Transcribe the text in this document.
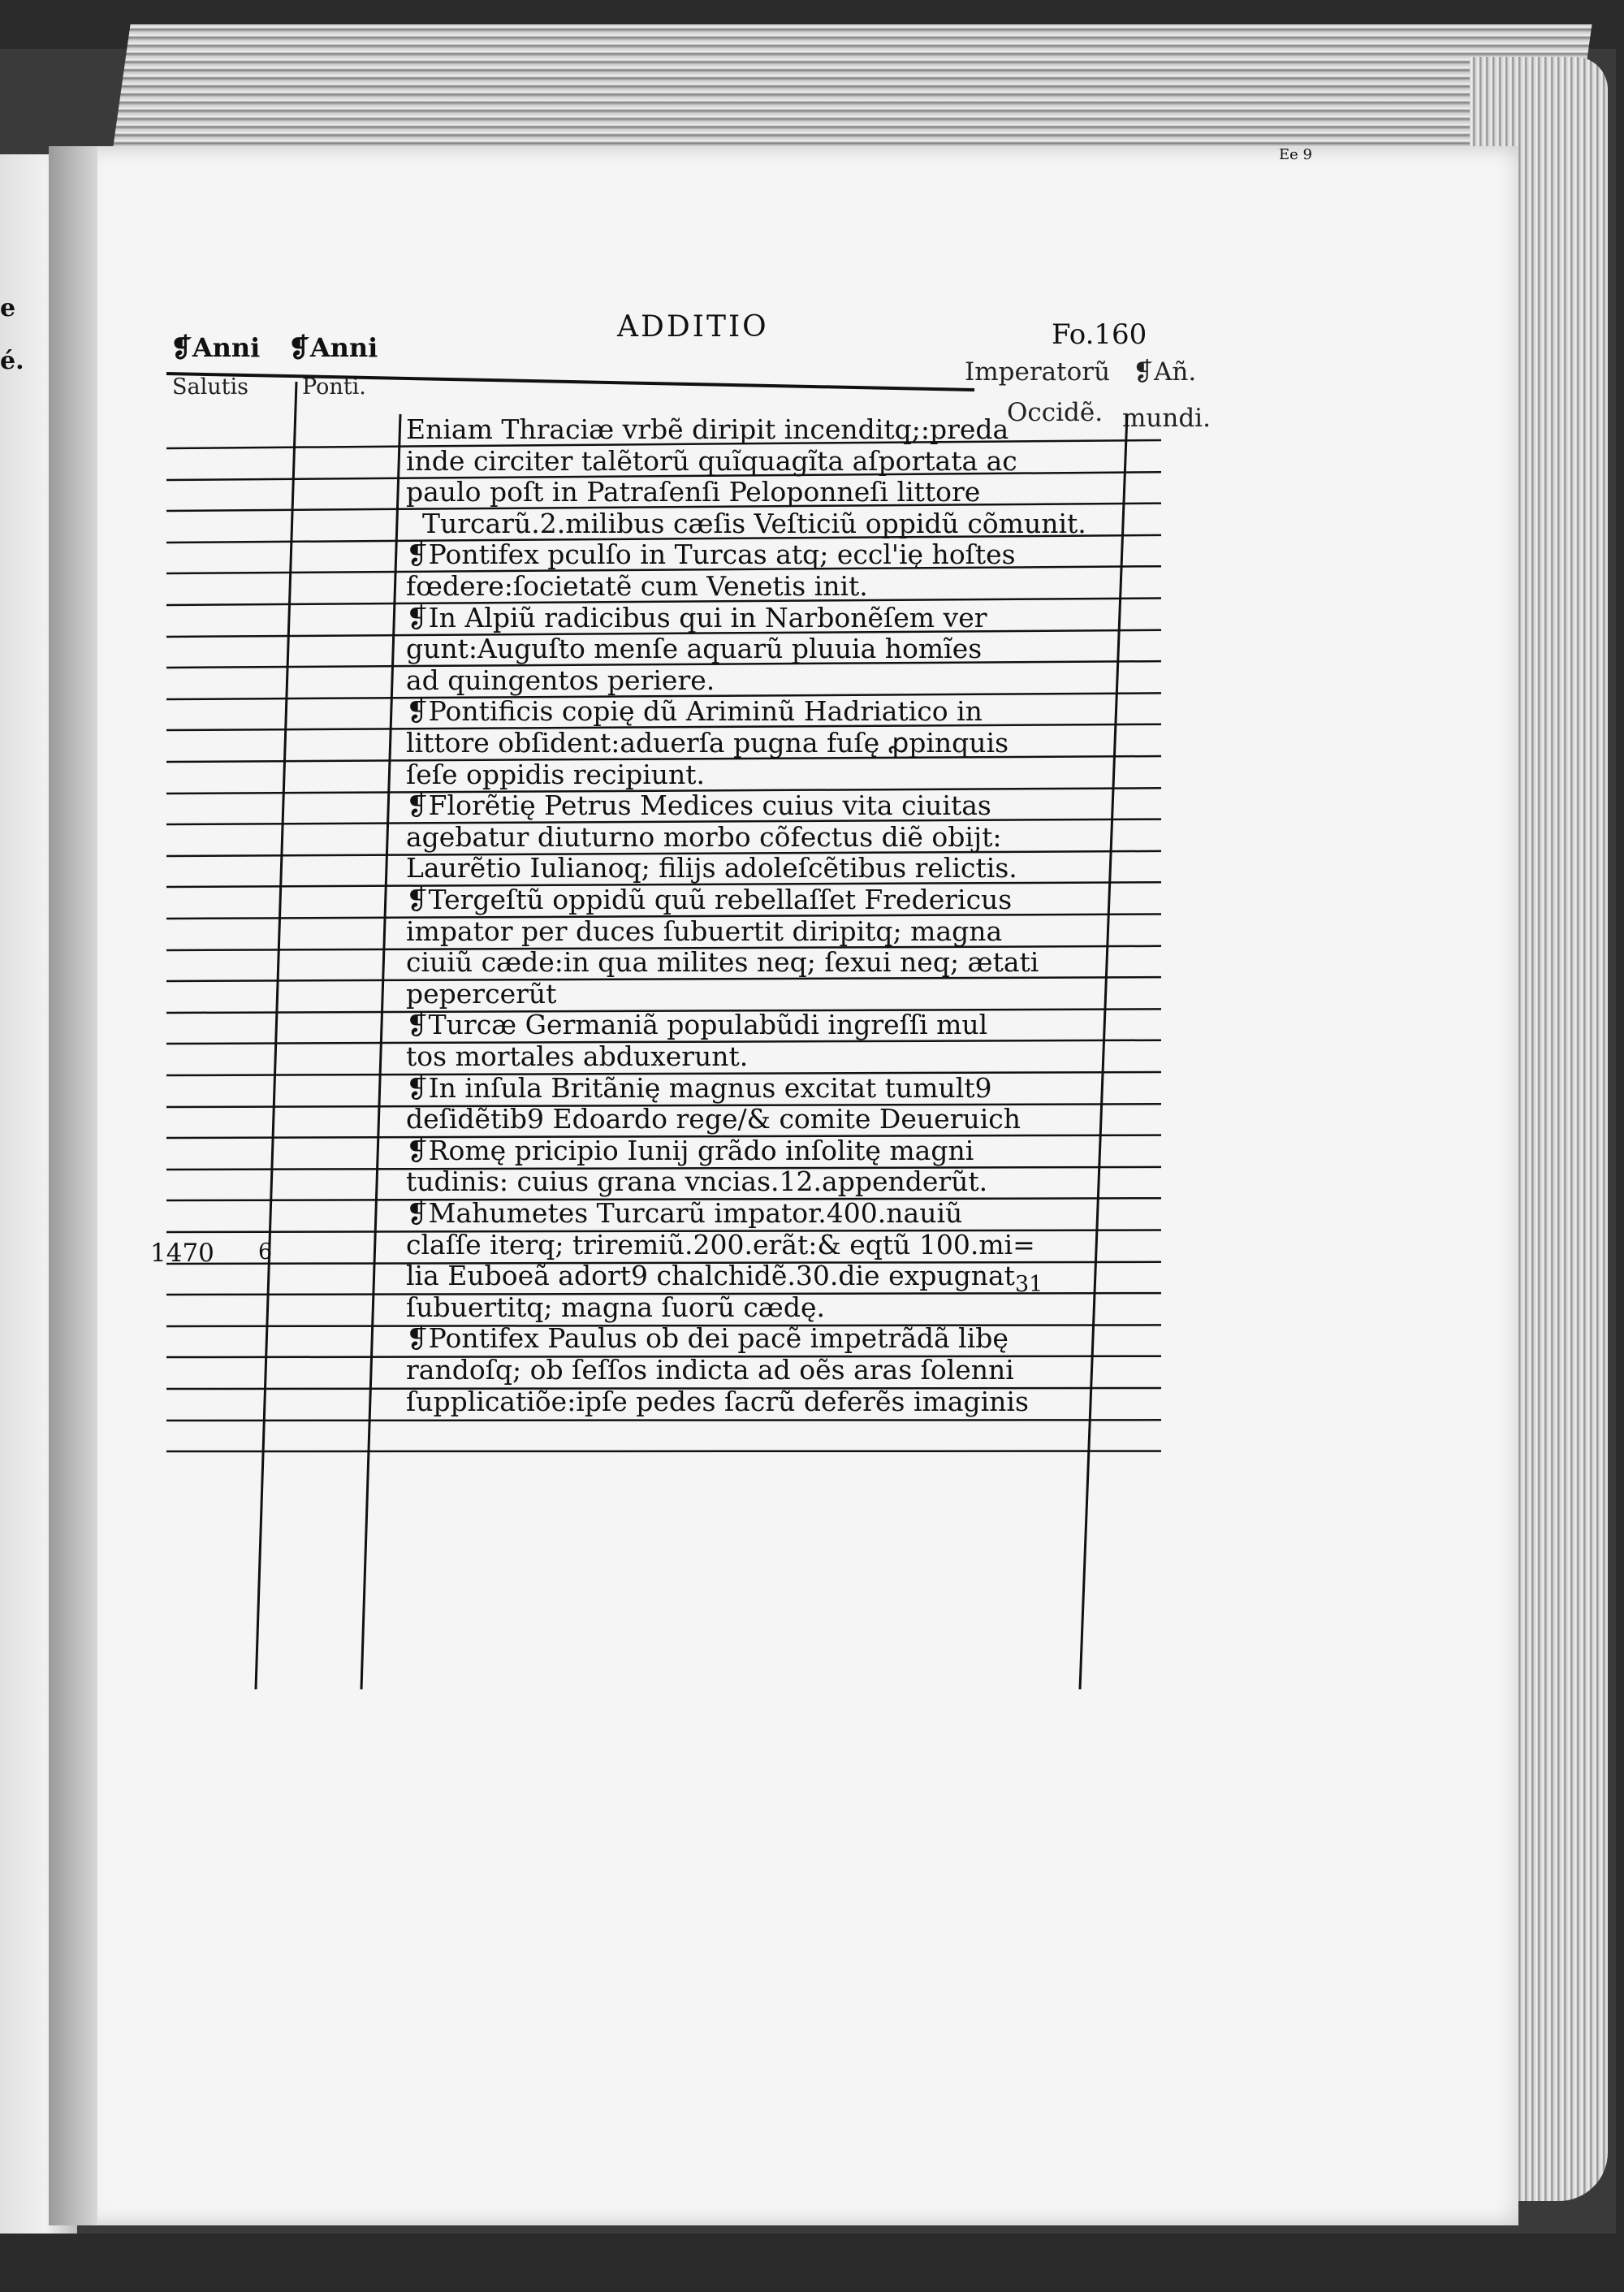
e
é.
ADDITIO	Fo.160
Ee 9
❡Anni
Salutis
❡Anni
Ponti.
Imperatorũ
Occidẽ.
❡Añ.
mundi.
1470 6
31
Eniam Thraciæ vrbẽ diripit incenditq;:preda
inde circiter talẽtorũ quĩquagĩta aſportata ac
paulo poſt in Patraſenſi Peloponneſi littore
Turcarũ.2.milibus cæſis Veſticiũ oppidũ cõmunit.
❡Pontifex pculſo in Turcas atq; eccl'ię hoſtes
fœdere:ſocietatẽ cum Venetis init.
❡In Alpiũ radicibus qui in Narbonẽſem ver
gunt:Auguſto menſe aquarũ pluuia homĩes
ad quingentos periere.
❡Pontificis copię dũ Ariminũ Hadriatico in
littore obſident:aduerſa pugna fuſę ꝓpinquis
ſeſe oppidis recipiunt.
❡Florẽtię Petrus Medices cuius vita ciuitas
agebatur diuturno morbo cõfectus diẽ obijt:
Laurẽtio Iulianoq; filijs adoleſcẽtibus relictis.
❡Tergeſtũ oppidũ quũ rebellaſſet Fredericus
impator per duces ſubuertit diripitq; magna
ciuiũ cæde:in qua milites neq; ſexui neq; ætati
pepercerũt
❡Turcæ Germaniã populabũdi ingreſſi mul
tos mortales abduxerunt.
❡In inſula Britãnię magnus excitat tumult9
deſidẽtib9 Edoardo rege/& comite Deueruich
❡Romę pricipio Iunij grãdo inſolitę magni
tudinis: cuius grana vncias.12.appenderũt.
❡Mahumetes Turcarũ impator.400.nauiũ
claſſe iterq; triremiũ.200.erãt:& eqtũ 100.mi=
lia Euboeã adort9 chalchidẽ.30.die expugnat
ſubuertitq; magna ſuorũ cædę.
❡Pontifex Paulus ob dei pacẽ impetrãdã libę
randoſq; ob ſeſſos indicta ad oẽs aras ſolenni
ſupplicatiõe:ipſe pedes ſacrũ deferẽs imaginis
